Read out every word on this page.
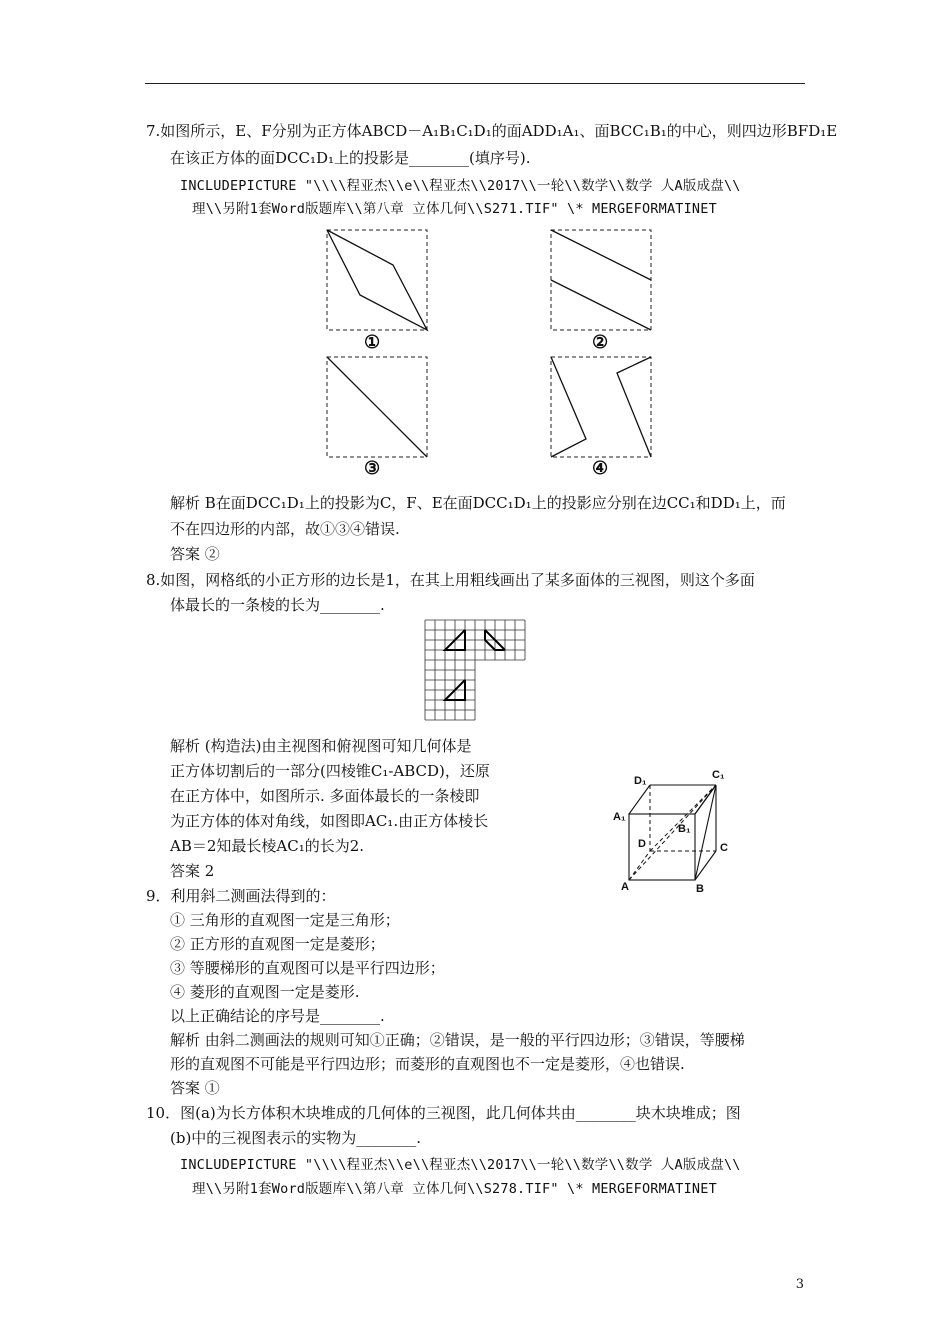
7.如图所示，E、F分别为正方体ABCD－A₁B₁C₁D₁的面ADD₁A₁、面BCC₁B₁的中心，则四边形BFD₁E
在该正方体的面DCC₁D₁上的投影是________(填序号).
INCLUDEPICTURE "\\\\程亚杰\\e\\程亚杰\\2017\\一轮\\数学\\数学 人A版成盘\\
理\\另附1套Word版题库\\第八章 立体几何\\S271.TIF" \* MERGEFORMATINET
①	②
③	④
解析 B在面DCC₁D₁上的投影为C，F、E在面DCC₁D₁上的投影应分别在边CC₁和DD₁上，而
不在四边形的内部，故①③④错误.
答案 ②
8.如图，网格纸的小正方形的边长是1，在其上用粗线画出了某多面体的三视图，则这个多面
体最长的一条棱的长为________.
解析 (构造法)由主视图和俯视图可知几何体是
正方体切割后的一部分(四棱锥C₁-ABCD)，还原
在正方体中，如图所示. 多面体最长的一条棱即
为正方体的体对角线，如图即AC₁.由正方体棱长
AB＝2知最长棱AC₁的长为2.
答案 2
D₁	C₁
A₁
B₁
D	C
A	B
9．利用斜二测画法得到的：
① 三角形的直观图一定是三角形；
② 正方形的直观图一定是菱形；
③ 等腰梯形的直观图可以是平行四边形；
④ 菱形的直观图一定是菱形.
以上正确结论的序号是________.
解析 由斜二测画法的规则可知①正确；②错误，是一般的平行四边形；③错误，等腰梯
形的直观图不可能是平行四边形；而菱形的直观图也不一定是菱形，④也错误.
答案 ①
10．图(a)为长方体积木块堆成的几何体的三视图，此几何体共由________块木块堆成；图
(b)中的三视图表示的实物为________.
INCLUDEPICTURE "\\\\程亚杰\\e\\程亚杰\\2017\\一轮\\数学\\数学 人A版成盘\\
理\\另附1套Word版题库\\第八章 立体几何\\S278.TIF" \* MERGEFORMATINET
3
